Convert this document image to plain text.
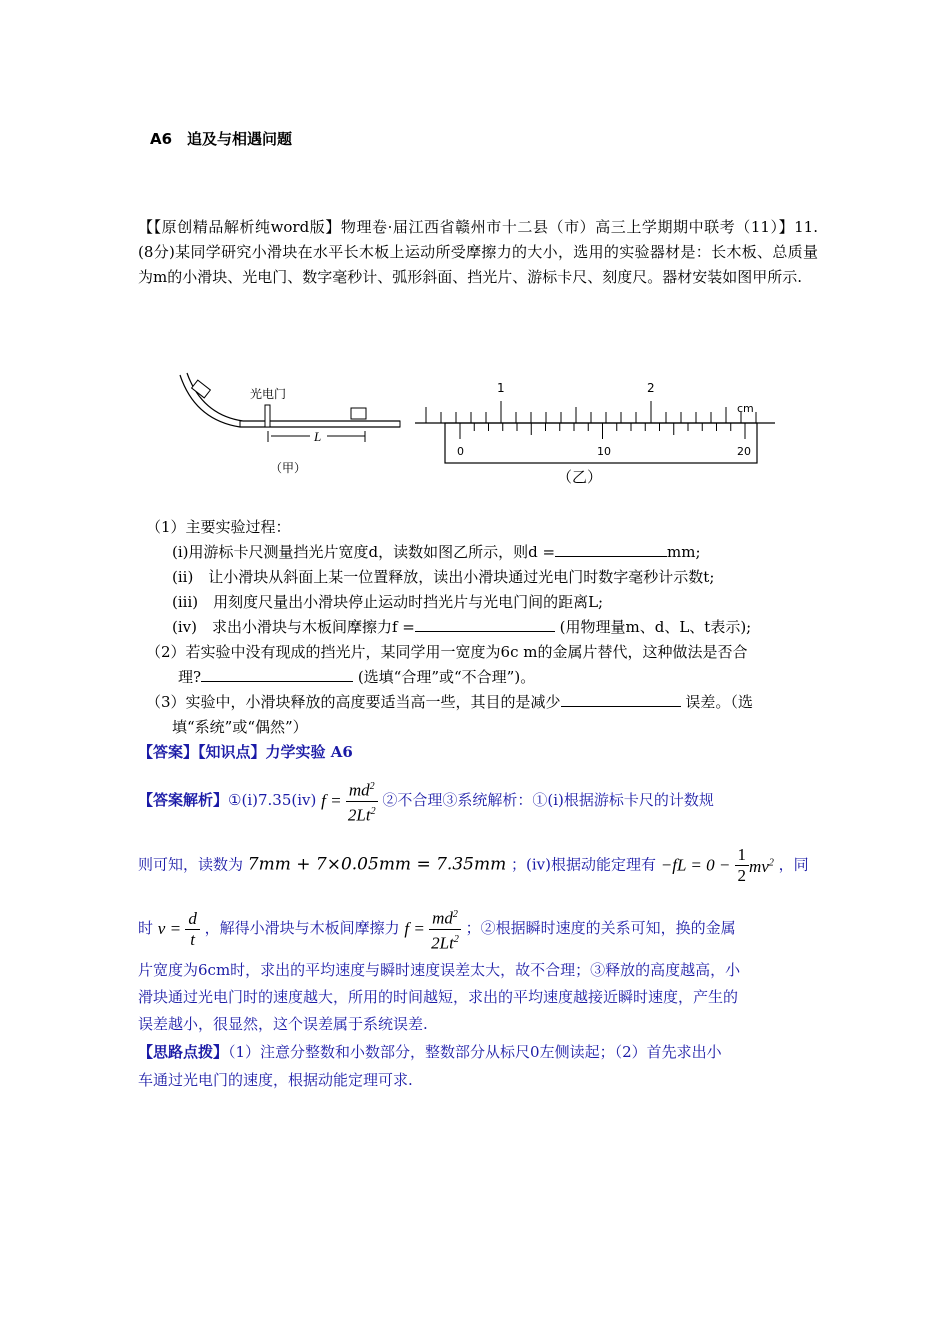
A6　追及与相遇问题
【【原创精品解析纯word版】物理卷·届江西省赣州市十二县（市）高三上学期期中联考（11）】11.　(8分)某同学研究小滑块在水平长木板上运动所受摩擦力的大小，选用的实验器材是：长木板、总质量为m的小滑块、光电门、数字毫秒计、弧形斜面、挡光片、游标卡尺、刻度尺。器材安装如图甲所示.
光电门
L
（甲）
1	2
cm
0	10	20
（乙）
（1）主要实验过程：
(i)用游标卡尺测量挡光片宽度d，读数如图乙所示，则d =	mm;
(ii)　让小滑块从斜面上某一位置释放，读出小滑块通过光电门时数字毫秒计示数t;
(iii)　用刻度尺量出小滑块停止运动时挡光片与光电门间的距离L;
(iv)　求出小滑块与木板间摩擦力f =	(用物理量m、d、L、t表示);
（2）若实验中没有现成的挡光片，某同学用一宽度为6c m的金属片替代，这种做法是否合
理?	(选填“合理”或“不合理”)。
（3）实验中，小滑块释放的高度要适当高一些，其目的是减少	误差。（选
填“系统”或“偶然”）
【答案】【知识点】力学实验 A6
【答案解析】①(i)7.35(iv) $f = \frac{md^2}{2Lt^2}$ ②不合理③系统解析：①(i)根据游标卡尺的计数规
则可知，读数为 7mm + 7×0.05mm = 7.35mm ；(iv)根据动能定理有 $-fL = 0 - \frac{1}{2} mv^2$ ，同
时 $v = \frac{d}{t}$ ，解得小滑块与木板间摩擦力 $f = \frac{md^2}{2Lt^2}$ ；②根据瞬时速度的关系可知，换的金属
片宽度为6cm时，求出的平均速度与瞬时速度误差太大，故不合理；③释放的高度越高，小
滑块通过光电门时的速度越大，所用的时间越短，求出的平均速度越接近瞬时速度，产生的
误差越小，很显然，这个误差属于系统误差.
【思路点拨】（1）注意分整数和小数部分，整数部分从标尺0左侧读起；（2）首先求出小
车通过光电门的速度，根据动能定理可求.
